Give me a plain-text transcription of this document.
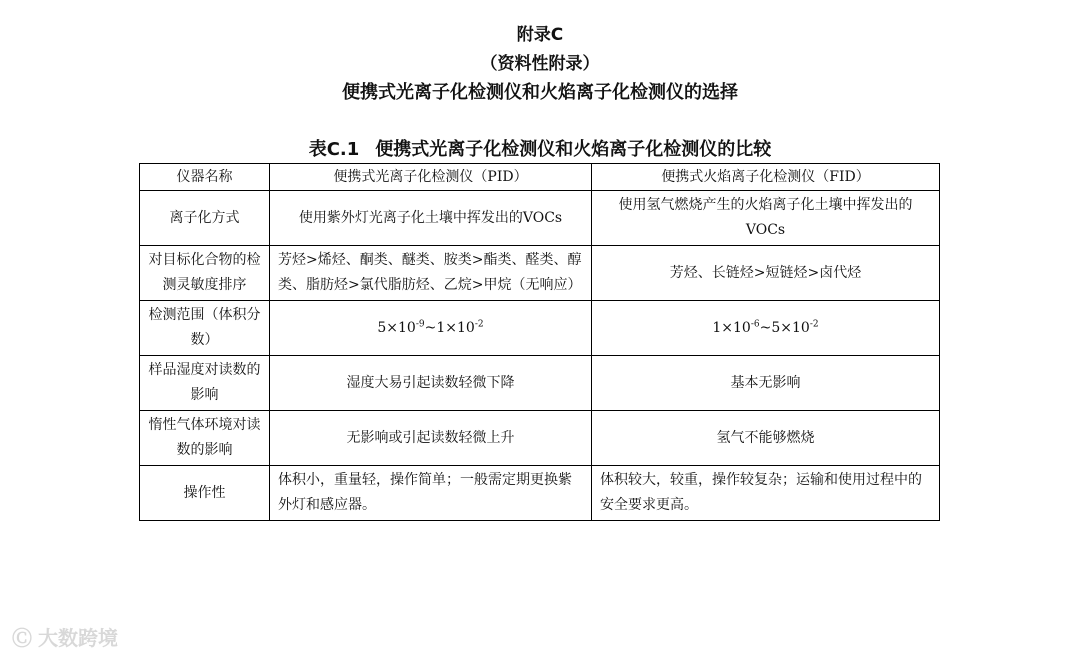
附录C
（资料性附录）
便携式光离子化检测仪和火焰离子化检测仪的选择
表C.1 便携式光离子化检测仪和火焰离子化检测仪的比较
仪器名称	便携式光离子化检测仪（PID）	便携式火焰离子化检测仪（FID）
离子化方式	使用紫外灯光离子化土壤中挥发出的VOCs	使用氢气燃烧产生的火焰离子化土壤中挥发出的VOCs
对目标化合物的检测灵敏度排序	芳烃>烯烃、酮类、醚类、胺类>酯类、醛类、醇类、脂肪烃>氯代脂肪烃、乙烷>甲烷（无响应）	芳烃、长链烃>短链烃>卤代烃
检测范围（体积分数）	$5\times 10^{-9}\sim 1\times 10^{-2}$	$1\times 10^{-6}\sim 5\times 10^{-2}$
样品湿度对读数的影响	湿度大易引起读数轻微下降	基本无影响
惰性气体环境对读数的影响	无影响或引起读数轻微上升	氢气不能够燃烧
操作性	体积小，重量轻，操作简单；一般需定期更换紫外灯和感应器。	体积较大，较重，操作较复杂；运输和使用过程中的安全要求更高。
Ⓒ 大数跨境
